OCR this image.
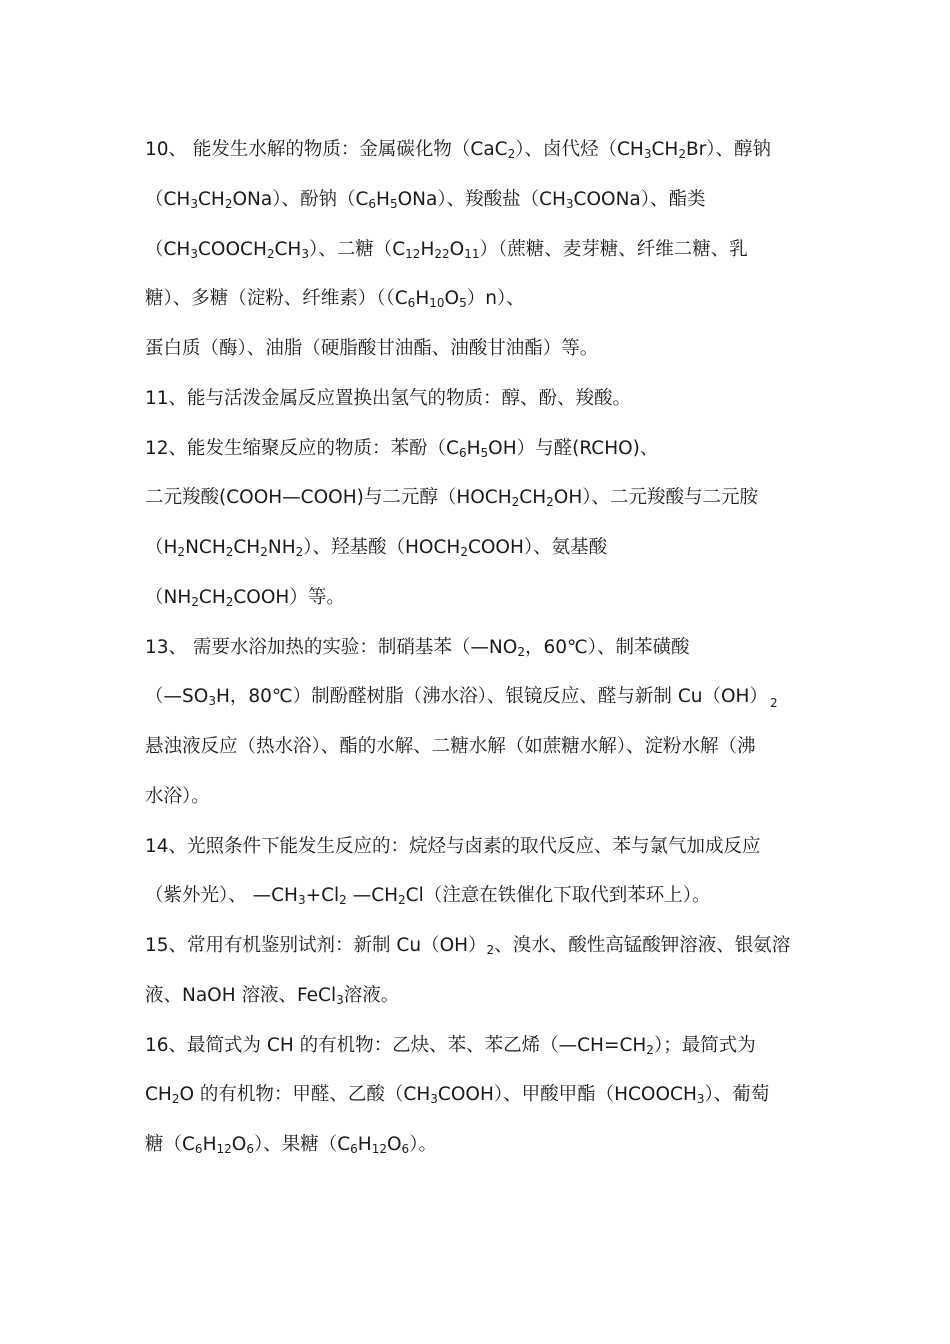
10、 能发生水解的物质：金属碳化物（CaC$_2$）、卤代烃$(CH_3CH_2Br)$、醇钠
$(CH_3CH_2ONa)$、酚钠$(C_6H_5ONa)$、羧酸盐$(CH_3COONa)$、酯类
$(CH_3COOCH_2CH_3)$、二糖$(C_{12}H_{22}O_{11})$（蔗糖、麦芽糖、纤维二糖、乳
糖）、多糖（淀粉、纤维素）$((C_6H_{10}O_5)n)$、
蛋白质（酶）、油脂（硬脂酸甘油酯、油酸甘油酯）等。
11、能与活泼金属反应置换出氢气的物质：醇、酚、羧酸。
12、能发生缩聚反应的物质：苯酚$(C_6H_5OH)$与醛(RCHO)、
二元羧酸(COOH—COOH)与二元醇$(HOCH_2CH_2OH)$、二元羧酸与二元胺
$(H_2NCH_2CH_2NH_2)$、羟基酸$(HOCH_2COOH)$、氨基酸
$(NH_2CH_2COOH)$等。
13、 需要水浴加热的实验：制硝基苯（$—NO_2$，60℃）、制苯磺酸
（$—SO_3H$，80℃）制酚醛树脂（沸水浴）、银镜反应、醛与新制 Cu（OH） $_2$
悬浊液反应（热水浴）、酯的水解、二糖水解（如蔗糖水解）、淀粉水解（沸
水浴）。
14、光照条件下能发生反应的：烷烃与卤素的取代反应、苯与氯气加成反应
（紫外光）、 $—CH_3+Cl_2$ $—CH_2Cl$（注意在铁催化下取代到苯环上）。
15、常用有机鉴别试剂：新制 $Cu(OH)_2$、溴水、酸性高锰酸钾溶液、银氨溶
液、NaOH 溶液、FeCl$_3$溶液。
16、最简式为 CH 的有机物：乙炔、苯、苯乙烯$(—CH=CH_2)$；最简式为
$CH_2O$ 的有机物：甲醛、乙酸$(CH_3COOH)$、甲酸甲酯$(HCOOCH_3)$、葡萄
糖$(C_6H_{12}O_6)$、果糖$(C_6H_{12}O_6)$。
